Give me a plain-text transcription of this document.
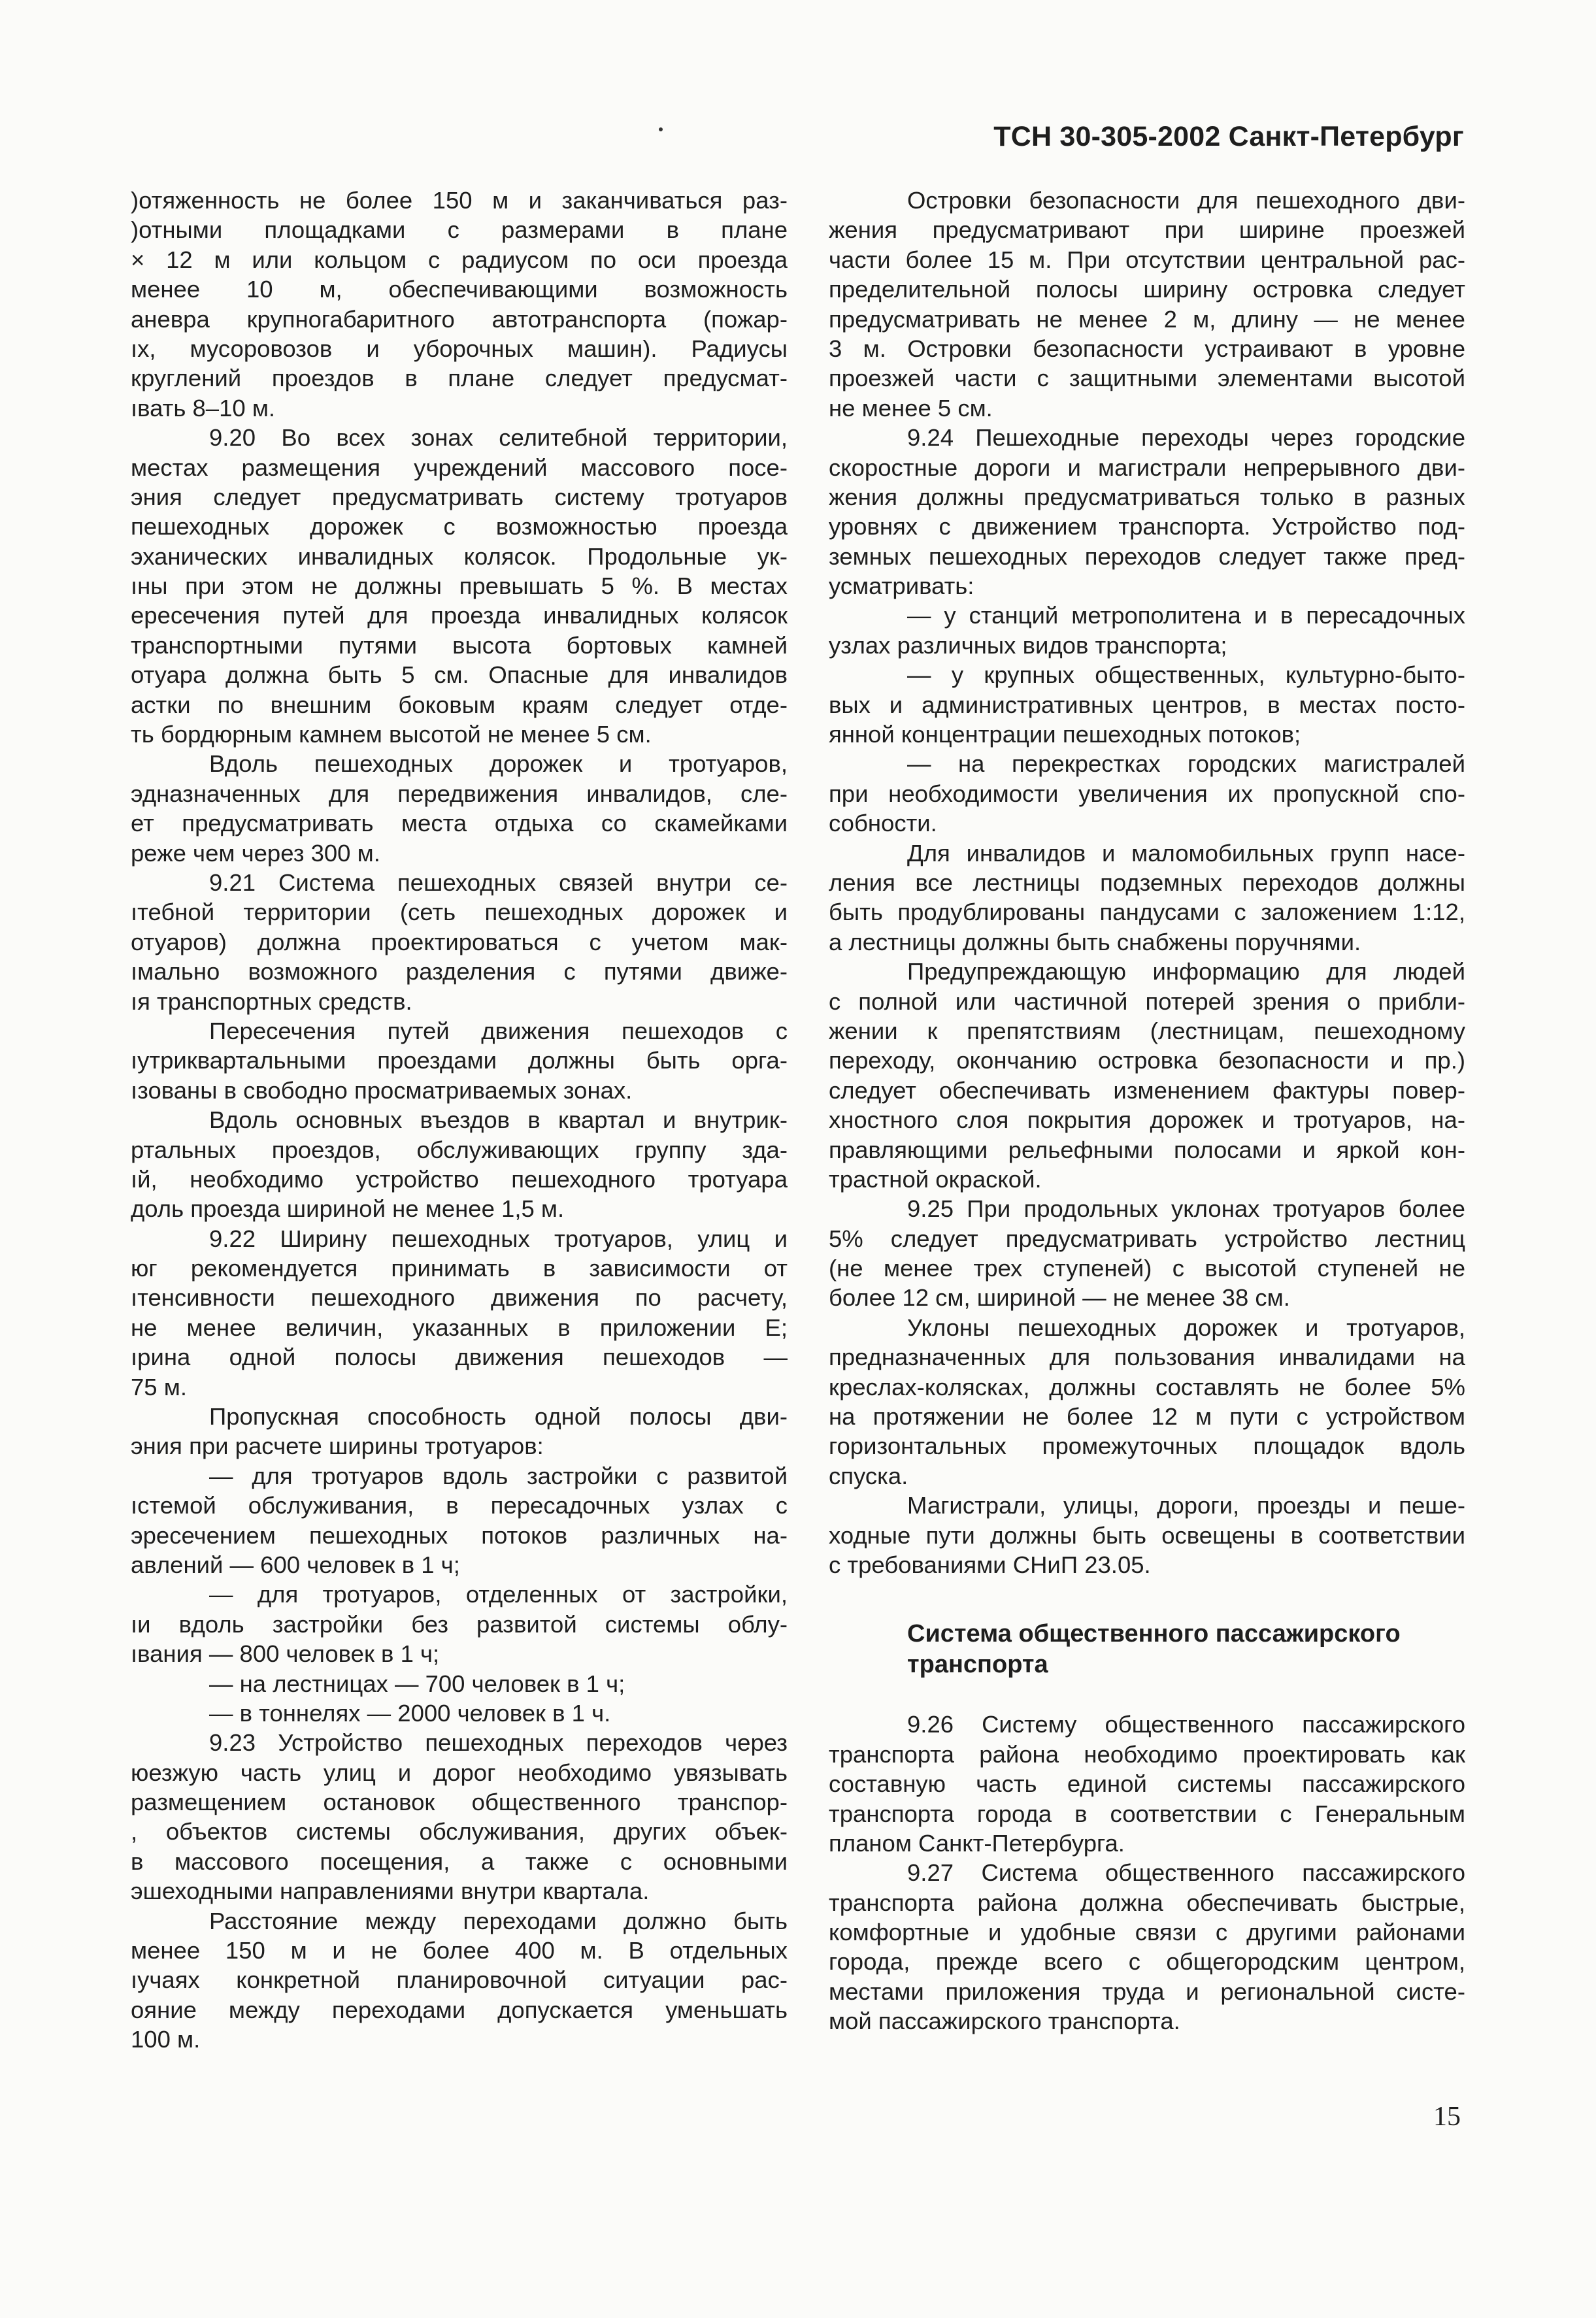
ТСН 30-305-2002 Санкт-Петербург
)отяженность не более 150 м и заканчиваться раз-
)отными площадками с размерами в плане
× 12 м или кольцом с радиусом по оси проезда
менее 10 м, обеспечивающими возможность
аневра крупногабаритного автотранспорта (пожар-
ıх, мусоровозов и уборочных машин). Радиусы
круглений проездов в плане следует предусмат-
ıвать 8–10 м.
9.20 Во всех зонах селитебной территории,
местах размещения учреждений массового посе-
эния следует предусматривать систему тротуаров
пешеходных дорожек с возможностью проезда
эханических инвалидных колясок. Продольные ук-
ıны при этом не должны превышать 5 %. В местах
ересечения путей для проезда инвалидных колясок
транспортными путями высота бортовых камней
отуара должна быть 5 см. Опасные для инвалидов
астки по внешним боковым краям следует отде-
ть бордюрным камнем высотой не менее 5 см.
Вдоль пешеходных дорожек и тротуаров,
эдназначенных для передвижения инвалидов, сле-
ет предусматривать места отдыха со скамейками
реже чем через 300 м.
9.21 Система пешеходных связей внутри се-
ıтебной территории (сеть пешеходных дорожек и
отуаров) должна проектироваться с учетом мак-
ıмально возможного разделения с путями движе-
ıя транспортных средств.
Пересечения путей движения пешеходов с
ıутриквартальными проездами должны быть орга-
ıзованы в свободно просматриваемых зонах.
Вдоль основных въездов в квартал и внутрик-
ртальных проездов, обслуживающих группу зда-
ıй, необходимо устройство пешеходного тротуара
доль проезда шириной не менее 1,5 м.
9.22 Ширину пешеходных тротуаров, улиц и
юг рекомендуется принимать в зависимости от
ıтенсивности пешеходного движения по расчету,
не менее величин, указанных в приложении Е;
ıрина одной полосы движения пешеходов —
75 м.
Пропускная способность одной полосы дви-
эния при расчете ширины тротуаров:
— для тротуаров вдоль застройки с развитой
ıстемой обслуживания, в пересадочных узлах с
эресечением пешеходных потоков различных на-
авлений — 600 человек в 1 ч;
— для тротуаров, отделенных от застройки,
ıи вдоль застройки без развитой системы облу-
ıвания — 800 человек в 1 ч;
— на лестницах — 700 человек в 1 ч;
— в тоннелях — 2000 человек в 1 ч.
9.23 Устройство пешеходных переходов через
юезжую часть улиц и дорог необходимо увязывать
размещением остановок общественного транспор-
, объектов системы обслуживания, других объек-
в массового посещения, а также с основными
эшеходными направлениями внутри квартала.
Расстояние между переходами должно быть
менее 150 м и не более 400 м. В отдельных
ıучаях конкретной планировочной ситуации рас-
ояние между переходами допускается уменьшать
100 м.
Островки безопасности для пешеходного дви-
жения предусматривают при ширине проезжей
части более 15 м. При отсутствии центральной рас-
пределительной полосы ширину островка следует
предусматривать не менее 2 м, длину — не менее
3 м. Островки безопасности устраивают в уровне
проезжей части с защитными элементами высотой
не менее 5 см.
9.24 Пешеходные переходы через городские
скоростные дороги и магистрали непрерывного дви-
жения должны предусматриваться только в разных
уровнях с движением транспорта. Устройство под-
земных пешеходных переходов следует также пред-
усматривать:
— у станций метрополитена и в пересадочных
узлах различных видов транспорта;
— у крупных общественных, культурно-быто-
вых и административных центров, в местах посто-
янной концентрации пешеходных потоков;
— на перекрестках городских магистралей
при необходимости увеличения их пропускной спо-
собности.
Для инвалидов и маломобильных групп насе-
ления все лестницы подземных переходов должны
быть продублированы пандусами с заложением 1:12,
а лестницы должны быть снабжены поручнями.
Предупреждающую информацию для людей
с полной или частичной потерей зрения о прибли-
жении к препятствиям (лестницам, пешеходному
переходу, окончанию островка безопасности и пр.)
следует обеспечивать изменением фактуры повер-
хностного слоя покрытия дорожек и тротуаров, на-
правляющими рельефными полосами и яркой кон-
трастной окраской.
9.25 При продольных уклонах тротуаров более
5% следует предусматривать устройство лестниц
(не менее трех ступеней) с высотой ступеней не
более 12 см, шириной — не менее 38 см.
Уклоны пешеходных дорожек и тротуаров,
предназначенных для пользования инвалидами на
креслах-колясках, должны составлять не более 5%
на протяжении не более 12 м пути с устройством
горизонтальных промежуточных площадок вдоль
спуска.
Магистрали, улицы, дороги, проезды и пеше-
ходные пути должны быть освещены в соответствии
с требованиями СНиП 23.05.
Система общественного пассажирского
транспорта
9.26 Систему общественного пассажирского
транспорта района необходимо проектировать как
составную часть единой системы пассажирского
транспорта города в соответствии с Генеральным
планом Санкт-Петербурга.
9.27 Система общественного пассажирского
транспорта района должна обеспечивать быстрые,
комфортные и удобные связи с другими районами
города, прежде всего с общегородским центром,
местами приложения труда и региональной систе-
мой пассажирского транспорта.
15
